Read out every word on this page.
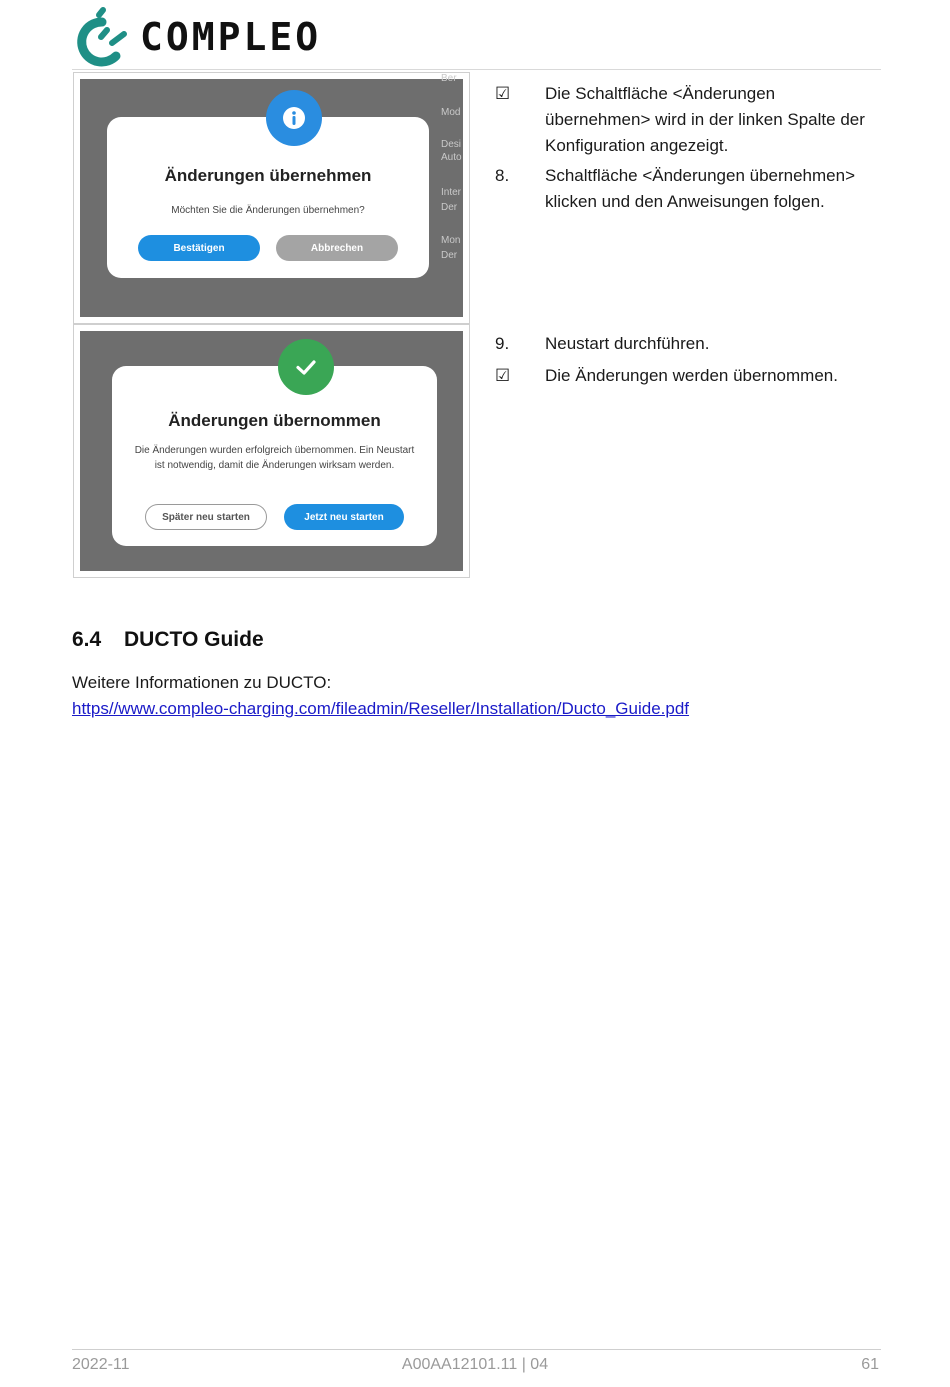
COMPLEO
Ber
Mod
Desi
Auto
Inter
Der
Mon
Der
Änderungen übernehmen
Möchten Sie die Änderungen übernehmen?
Bestätigen	Abbrechen
Änderungen übernommen
Die Änderungen wurden erfolgreich übernommen. Ein Neustart ist notwendig, damit die Änderungen wirksam werden.
Später neu starten	Jetzt neu starten
☑	Die Schaltfläche <Änderungen übernehmen> wird in der linken Spalte der Konfiguration angezeigt.
8.	Schaltfläche <Änderungen übernehmen> klicken und den Anweisungen folgen.
9.	Neustart durchführen.
☑	Die Änderungen werden übernommen.
6.4 DUCTO Guide
Weitere Informationen zu DUCTO:
https//www.compleo-charging.com/fileadmin/Reseller/Installation/Ducto_Guide.pdf
2022-11	A00AA12101.11 | 04	61
